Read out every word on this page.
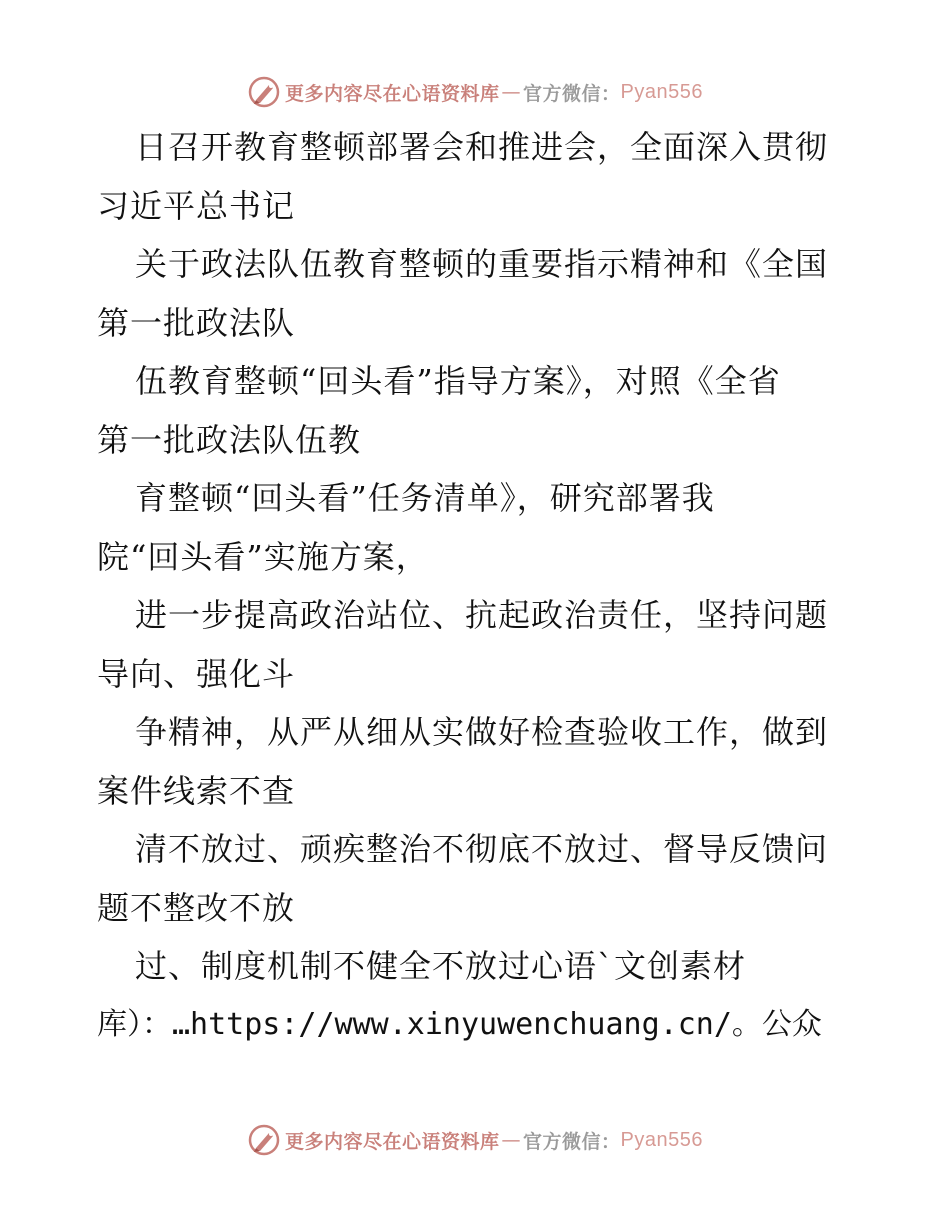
更多内容尽在心语资料库 — 官方微信： Pyan556
日召开教育整顿部署会和推进会，全面深入贯彻
习近平总书记
关于政法队伍教育整顿的重要指示精神和《全国
第一批政法队
伍教育整顿“回头看”指导方案》，对照《全省
第一批政法队伍教
育整顿“回头看”任务清单》，研究部署我
院“回头看”实施方案，
进一步提高政治站位、抗起政治责任，坚持问题
导向、强化斗
争精神，从严从细从实做好检查验收工作，做到
案件线索不查
清不放过、顽疾整治不彻底不放过、督导反馈问
题不整改不放
过、制度机制不健全不放过心语`文创素材
库）：…https://www.xinyuwenchuang.cn/。公众
更多内容尽在心语资料库 — 官方微信： Pyan556
